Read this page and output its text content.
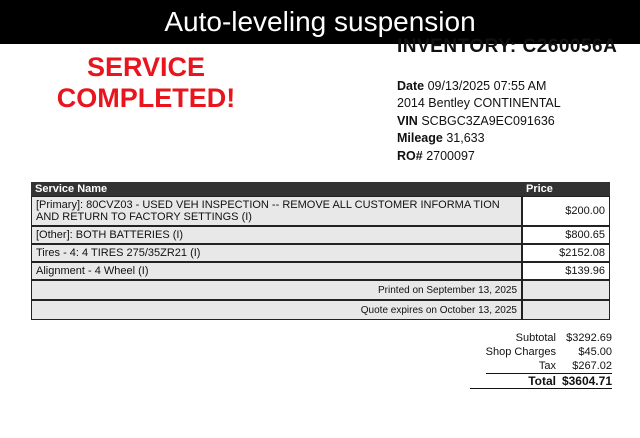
Auto-leveling suspension
INVENTORY: C260056A
SERVICE
COMPLETED!	Date 09/13/2025 07:55 AM
2014 Bentley CONTINENTAL
VIN SCBGC3ZA9EC091636
Mileage 31,633
RO# 2700097
Service Name	Price
[Primary]: 80CVZ03 - USED VEH INSPECTION -- REMOVE ALL CUSTOMER INFORMA TION AND RETURN TO FACTORY SETTINGS (I)	$200.00
[Other]: BOTH BATTERIES (I)	$800.65
Tires - 4: 4 TIRES 275/35ZR21 (I)	$2152.08
Alignment - 4 Wheel (I)	$139.96
Printed on September 13, 2025	
Quote expires on October 13, 2025	
Subtotal $3292.69
Shop Charges	$45.00
Tax	$267.02
Total $3604.71
